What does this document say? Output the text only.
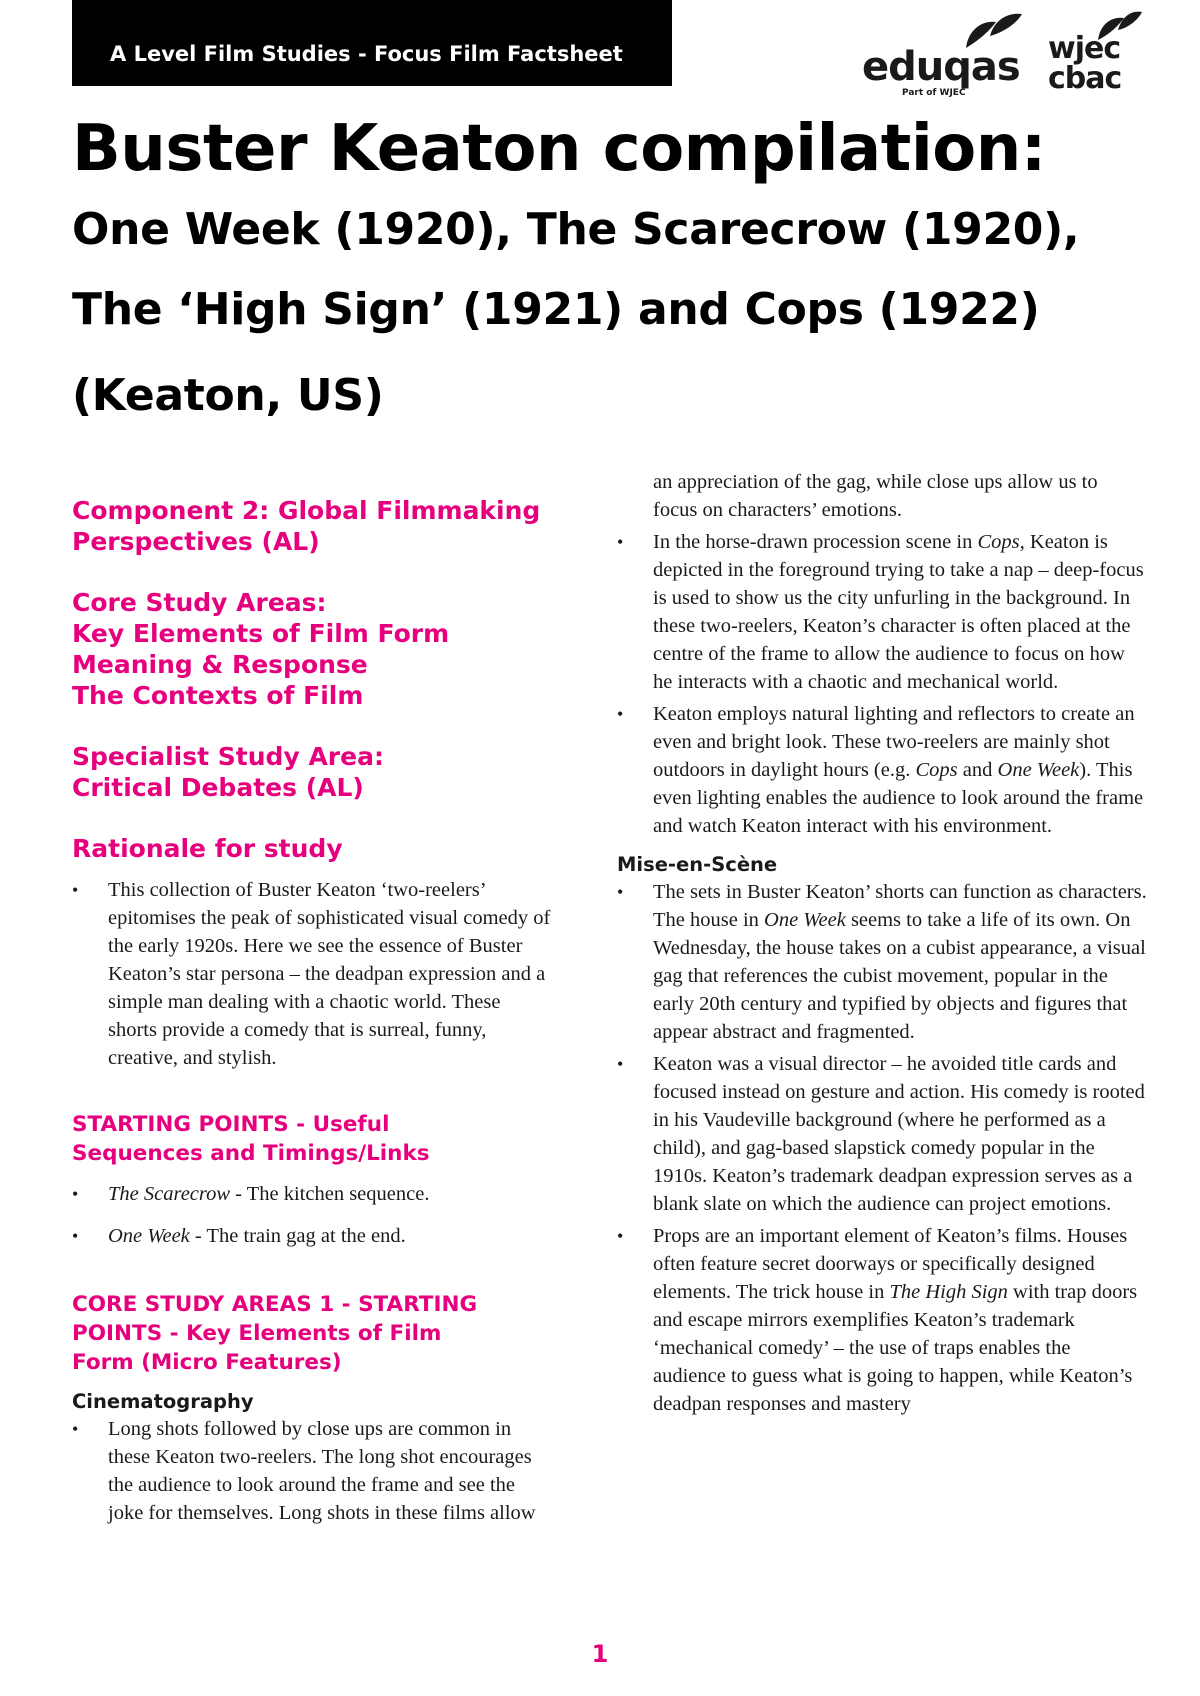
A Level Film Studies - Focus Film Factsheet	eduqas
Part of WJEC
wjec
cbac
Buster Keaton compilation:
One Week (1920), The Scarecrow (1920),
The ‘High Sign’ (1921) and Cops (1922)
(Keaton, US)

Component 2: Global Filmmaking

Perspectives (AL)

Core Study Areas:

Key Elements of Film Form

Meaning & Response

The Contexts of Film

Specialist Study Area:

Critical Debates (AL)

Rationale for study

• This collection of Buster Keaton ‘two-reelers’ epitomises the peak of sophisticated visual comedy of the early 1920s. Here we see the essence of Buster Keaton’s star persona – the deadpan expression and a simple man dealing with a chaotic world. These shorts provide a comedy that is surreal, funny, creative, and stylish.

STARTING POINTS - Useful

Sequences and Timings/Links

• The Scarecrow - The kitchen sequence.
• One Week - The train gag at the end.

CORE STUDY AREAS 1 - STARTING

POINTS - Key Elements of Film

Form (Micro Features)

Cinematography

• Long shots followed by close ups are common in these Keaton two-reelers. The long shot encourages the audience to look around the frame and see the joke for themselves. Long shots in these films allow

an appreciation of the gag, while close ups allow us to focus on characters’ emotions.

• In the horse-drawn procession scene in Cops, Keaton is depicted in the foreground trying to take a nap – deep-focus is used to show us the city unfurling in the background. In these two-reelers, Keaton’s character is often placed at the centre of the frame to allow the audience to focus on how he interacts with a chaotic and mechanical world.
• Keaton employs natural lighting and reflectors to create an even and bright look. These two-reelers are mainly shot outdoors in daylight hours (e.g. Cops and One Week). This even lighting enables the audience to look around the frame and watch Keaton interact with his environment.

Mise-en-Scène

• The sets in Buster Keaton’ shorts can function as characters. The house in One Week seems to take a life of its own. On Wednesday, the house takes on a cubist appearance, a visual gag that references the cubist movement, popular in the early 20th century and typified by objects and figures that appear abstract and fragmented.
• Keaton was a visual director – he avoided title cards and focused instead on gesture and action. His comedy is rooted in his Vaudeville background (where he performed as a child), and gag-based slapstick comedy popular in the 1910s. Keaton’s trademark deadpan expression serves as a blank slate on which the audience can project emotions.
• Props are an important element of Keaton’s films. Houses often feature secret doorways or specifically designed elements. The trick house in The High Sign with trap doors and escape mirrors exemplifies Keaton’s trademark ‘mechanical comedy’ – the use of traps enables the audience to guess what is going to happen, while Keaton’s deadpan responses and mastery
1
